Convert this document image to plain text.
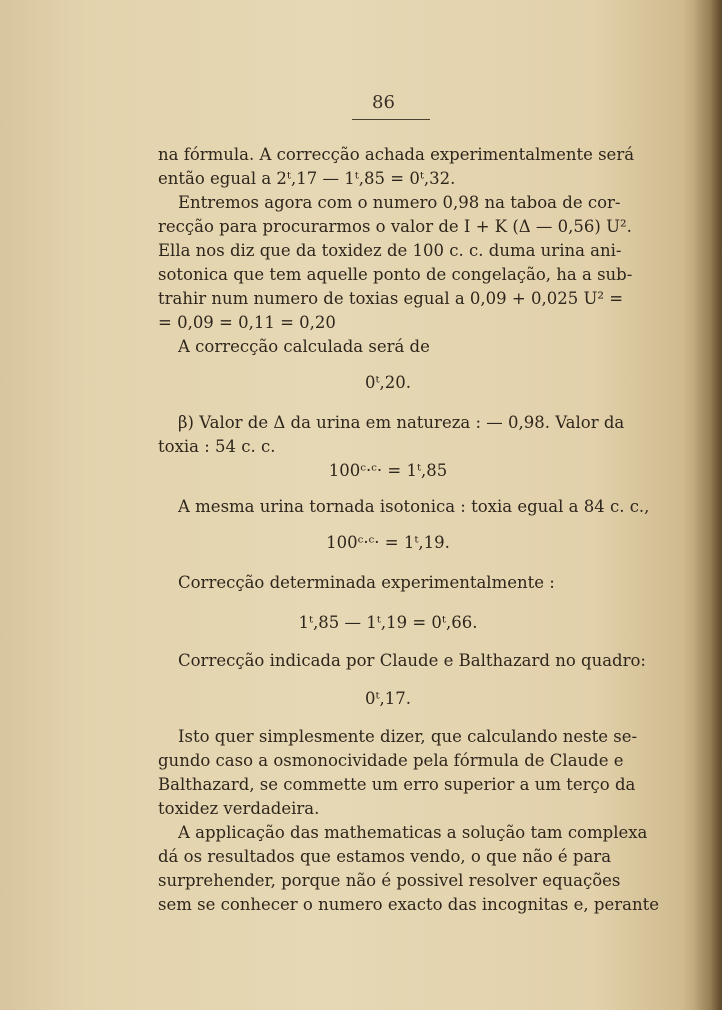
86
na fórmula. A correcção achada experimentalmente será
então egual a 2ᵗ,17 — 1ᵗ,85 = 0ᵗ,32.
Entremos agora com o numero 0,98 na taboa de cor-
recção para procurarmos o valor de I + K (Δ — 0,56) U².
Ella nos diz que da toxidez de 100 c. c. duma urina ani-
sotonica que tem aquelle ponto de congelação, ha a sub-
trahir num numero de toxias egual a 0,09 + 0,025 U² =
= 0,09 = 0,11 = 0,20
A correcção calculada será de
0ᵗ,20.
β) Valor de Δ da urina em natureza : — 0,98. Valor da
toxia : 54 c. c.
100ᶜ·ᶜ· = 1ᵗ,85
A mesma urina tornada isotonica : toxia egual a 84 c. c.,
100ᶜ·ᶜ· = 1ᵗ,19.
Correcção determinada experimentalmente :
1ᵗ,85 — 1ᵗ,19 = 0ᵗ,66.
Correcção indicada por Claude e Balthazard no quadro:
0ᵗ,17.
Isto quer simplesmente dizer, que calculando neste se-
gundo caso a osmonocividade pela fórmula de Claude e
Balthazard, se commette um erro superior a um terço da
toxidez verdadeira.
A applicação das mathematicas a solução tam complexa
dá os resultados que estamos vendo, o que não é para
surprehender, porque não é possivel resolver equações
sem se conhecer o numero exacto das incognitas e, perante
